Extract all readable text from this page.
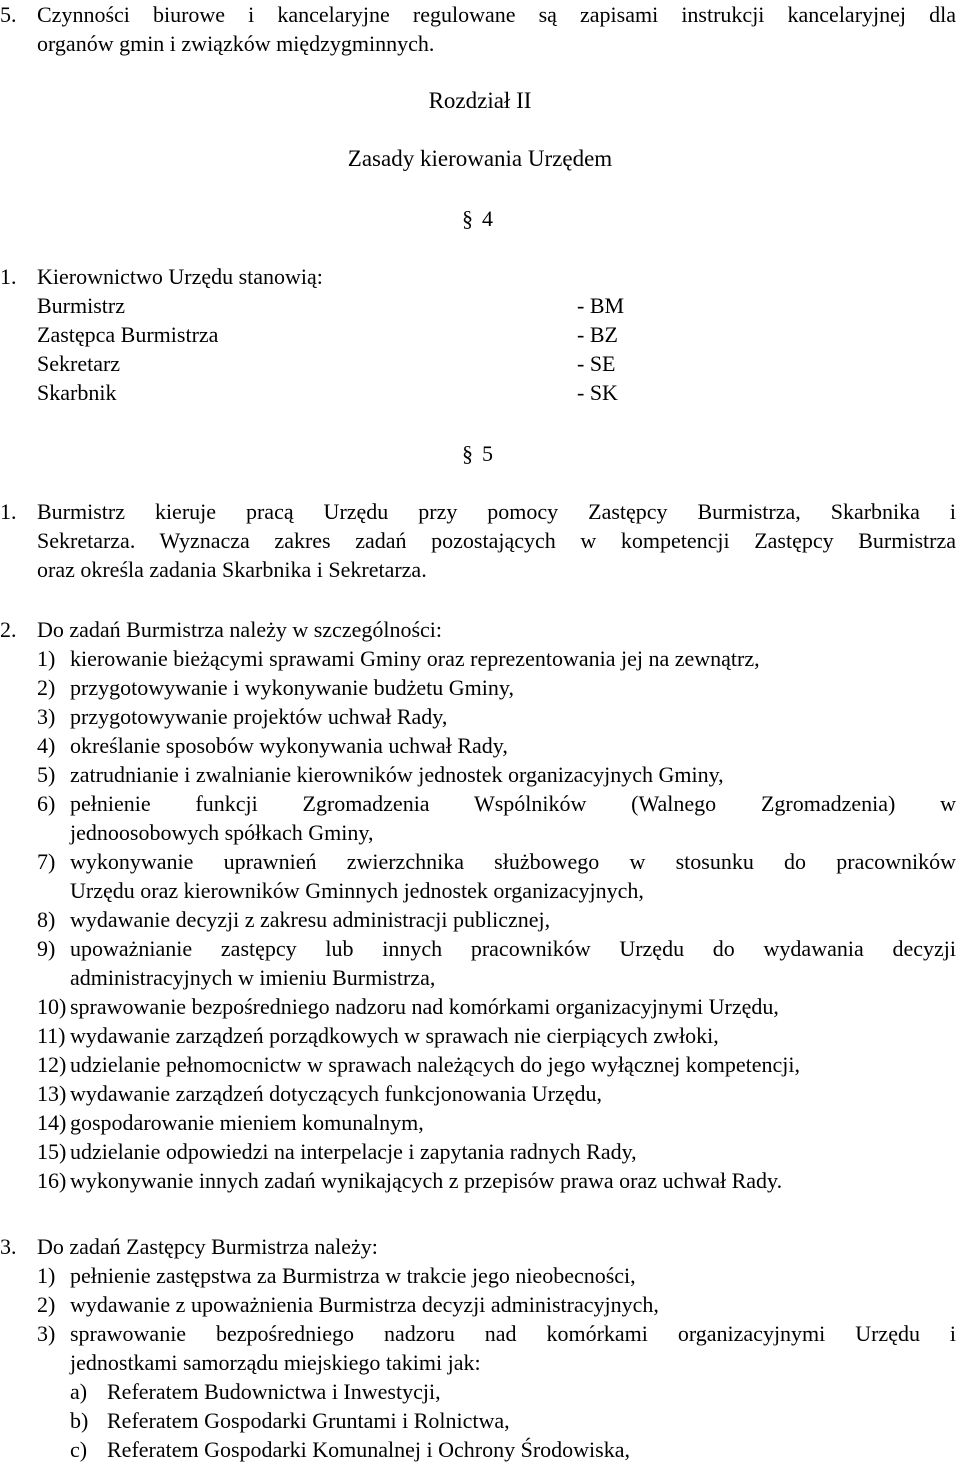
5. Czynności biurowe i kancelaryjne regulowane są zapisami instrukcji kancelaryjnej dla
organów gmin i związków międzygminnych.
Rozdział II
Zasady kierowania Urzędem
§ 4
1. Kierownictwo Urzędu stanowią:
Burmistrz	- BM
Zastępca Burmistrza	- BZ
Sekretarz	- SE
Skarbnik	- SK
§ 5
1. Burmistrz kieruje pracą Urzędu przy pomocy Zastępcy Burmistrza, Skarbnika i
Sekretarza. Wyznacza zakres zadań pozostających w kompetencji Zastępcy Burmistrza
oraz określa zadania Skarbnika i Sekretarza.
2. Do zadań Burmistrza należy w szczególności:
1) kierowanie bieżącymi sprawami Gminy oraz reprezentowania jej na zewnątrz,
2) przygotowywanie i wykonywanie budżetu Gminy,
3) przygotowywanie projektów uchwał Rady,
4) określanie sposobów wykonywania uchwał Rady,
5) zatrudnianie i zwalnianie kierowników jednostek organizacyjnych Gminy,
6) pełnienie funkcji Zgromadzenia Wspólników (Walnego Zgromadzenia) w
jednoosobowych spółkach Gminy,
7) wykonywanie uprawnień zwierzchnika służbowego w stosunku do pracowników
Urzędu oraz kierowników Gminnych jednostek organizacyjnych,
8) wydawanie decyzji z zakresu administracji publicznej,
9) upoważnianie zastępcy lub innych pracowników Urzędu do wydawania decyzji
administracyjnych w imieniu Burmistrza,
10) sprawowanie bezpośredniego nadzoru nad komórkami organizacyjnymi Urzędu,
11) wydawanie zarządzeń porządkowych w sprawach nie cierpiących zwłoki,
12) udzielanie pełnomocnictw w sprawach należących do jego wyłącznej kompetencji,
13) wydawanie zarządzeń dotyczących funkcjonowania Urzędu,
14) gospodarowanie mieniem komunalnym,
15) udzielanie odpowiedzi na interpelacje i zapytania radnych Rady,
16) wykonywanie innych zadań wynikających z przepisów prawa oraz uchwał Rady.
3. Do zadań Zastępcy Burmistrza należy:
1) pełnienie zastępstwa za Burmistrza w trakcie jego nieobecności,
2) wydawanie z upoważnienia Burmistrza decyzji administracyjnych,
3) sprawowanie bezpośredniego nadzoru nad komórkami organizacyjnymi Urzędu i
jednostkami samorządu miejskiego takimi jak:
a) Referatem Budownictwa i Inwestycji,
b) Referatem Gospodarki Gruntami i Rolnictwa,
c) Referatem Gospodarki Komunalnej i Ochrony Środowiska,
